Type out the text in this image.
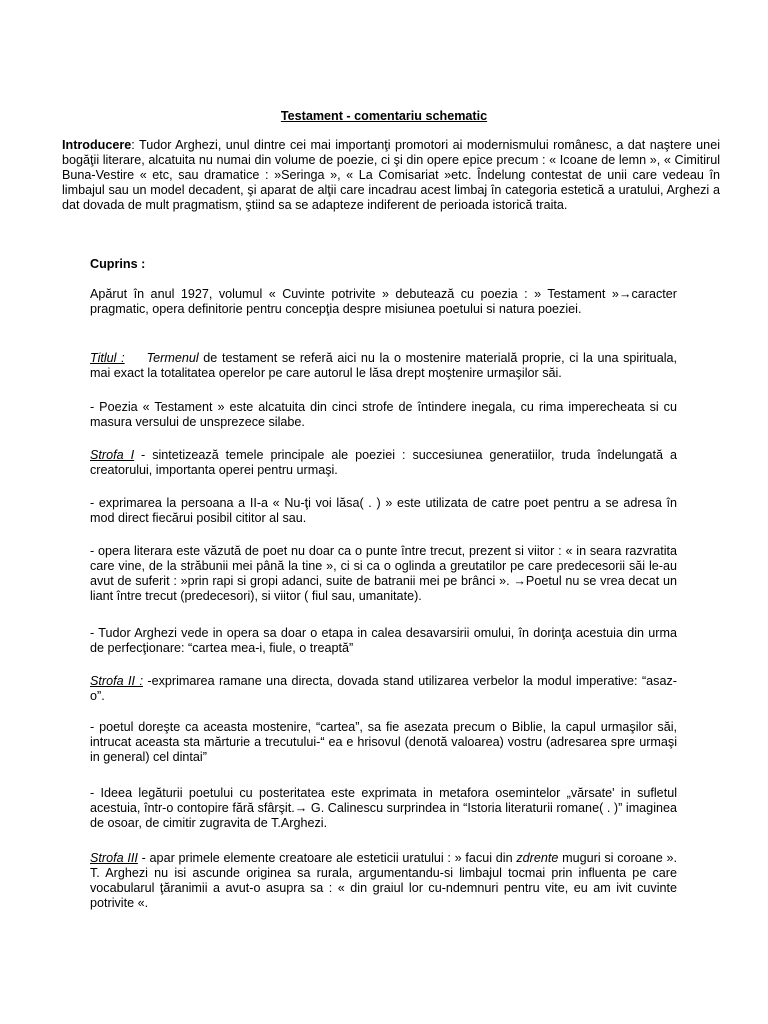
Testament - comentariu schematic

Introducere: Tudor Arghezi, unul dintre cei mai importanţi promotori ai modernismului românesc, a dat naştere unei bogăţii literare, alcatuita nu numai din volume de poezie, ci şi din opere epice precum : « Icoane de lemn », « Cimitirul Buna-Vestire « etc, sau dramatice : »Seringa », « La Comisariat »etc. Îndelung contestat de unii care vedeau în limbajul sau un model decadent, şi aparat de alţii care incadrau acest limbaj în categoria estetică a uratului, Arghezi a dat dovada de mult pragmatism, ştiind sa se adapteze indiferent de perioada istorică traita.

Cuprins :

Apărut în anul 1927, volumul « Cuvinte potrivite » debutează cu poezia : » Testament »→caracter pragmatic, opera definitorie pentru concepţia despre misiunea poetului si natura poeziei.

Titlul : Termenul de testament se referă aici nu la o mostenire materială proprie, ci la una spirituala, mai exact la totalitatea operelor pe care autorul le lăsa drept moştenire urmaşilor săi.

- Poezia « Testament » este alcatuita din cinci strofe de întindere inegala, cu rima imperecheata si cu masura versului de unsprezece silabe.

Strofa I - sintetizează temele principale ale poeziei : succesiunea generatiilor, truda îndelungată a creatorului, importanta operei pentru urmaşi.

- exprimarea la persoana a II-a « Nu-ţi voi lăsa( . ) » este utilizata de catre poet pentru a se adresa în mod direct fiecărui posibil cititor al sau.

- opera literara este văzută de poet nu doar ca o punte între trecut, prezent si viitor : « in seara razvratita care vine, de la străbunii mei până la tine », ci si ca o oglinda a greutatilor pe care predecesorii săi le-au avut de suferit : »prin rapi si gropi adanci, suite de batranii mei pe brânci ». →Poetul nu se vrea decat un liant între trecut (predecesori), si viitor ( fiul sau, umanitate).

- Tudor Arghezi vede in opera sa doar o etapa in calea desavarsirii omului, în dorinţa acestuia din urma de perfecţionare: “cartea mea-i, fiule, o treaptă”

Strofa II : -exprimarea ramane una directa, dovada stand utilizarea verbelor la modul imperative: “asaz-o”.

- poetul doreşte ca aceasta mostenire, “cartea”, sa fie asezata precum o Biblie, la capul urmaşilor săi, intrucat aceasta sta mărturie a trecutului-“ ea e hrisovul (denotă valoarea) vostru (adresarea spre urmaşi in general) cel dintai”

- Ideea legăturii poetului cu posteritatea este exprimata in metafora osemintelor „vărsate' in sufletul acestuia, într-o contopire fără sfârşit.→ G. Calinescu surprindea in “Istoria literaturii romane( . )” imaginea de osoar, de cimitir zugravita de T.Arghezi.

Strofa III - apar primele elemente creatoare ale esteticii uratului : » facui din zdrente muguri si coroane ». T. Arghezi nu isi ascunde originea sa rurala, argumentandu-si limbajul tocmai prin influenta pe care vocabularul ţăranimii a avut-o asupra sa : « din graiul lor cu-ndemnuri pentru vite, eu am ivit cuvinte potrivite «.
